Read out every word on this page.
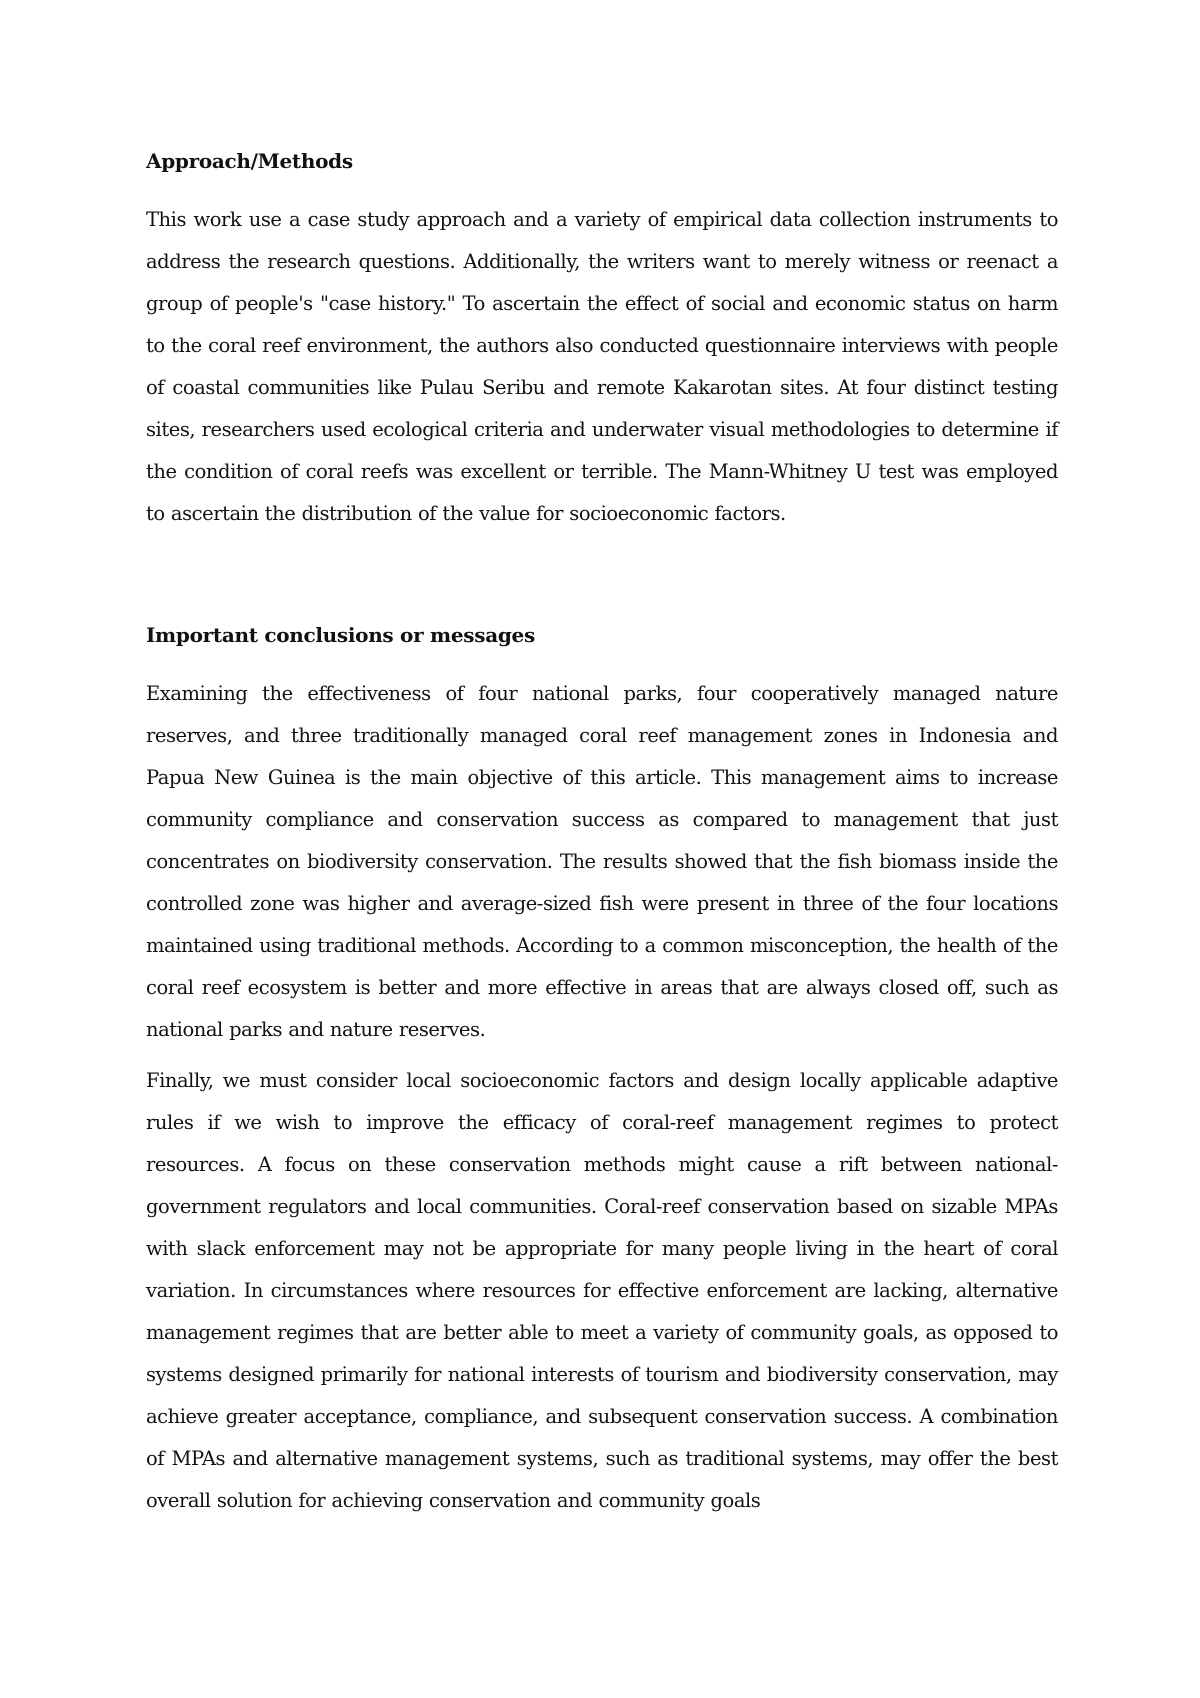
Approach/Methods

This work use a case study approach and a variety of empirical data collection instruments to address the research questions. Additionally, the writers want to merely witness or reenact a group of people's "case history." To ascertain the effect of social and economic status on harm to the coral reef environment, the authors also conducted questionnaire interviews with people of coastal communities like Pulau Seribu and remote Kakarotan sites. At four distinct testing sites, researchers used ecological criteria and underwater visual methodologies to determine if the condition of coral reefs was excellent or terrible. The Mann-Whitney U test was employed to ascertain the distribution of the value for socioeconomic factors.

Important conclusions or messages

Examining the effectiveness of four national parks, four cooperatively managed nature reserves, and three traditionally managed coral reef management zones in Indonesia and Papua New Guinea is the main objective of this article. This management aims to increase community compliance and conservation success as compared to management that just concentrates on biodiversity conservation. The results showed that the fish biomass inside the controlled zone was higher and average-sized fish were present in three of the four locations maintained using traditional methods. According to a common misconception, the health of the coral reef ecosystem is better and more effective in areas that are always closed off, such as national parks and nature reserves.

Finally, we must consider local socioeconomic factors and design locally applicable adaptive rules if we wish to improve the efficacy of coral-reef management regimes to protect resources. A focus on these conservation methods might cause a rift between national-government regulators and local communities. Coral-reef conservation based on sizable MPAs with slack enforcement may not be appropriate for many people living in the heart of coral variation. In circumstances where resources for effective enforcement are lacking, alternative management regimes that are better able to meet a variety of community goals, as opposed to systems designed primarily for national interests of tourism and biodiversity conservation, may achieve greater acceptance, compliance, and subsequent conservation success. A combination of MPAs and alternative management systems, such as traditional systems, may offer the best overall solution for achieving conservation and community goals
